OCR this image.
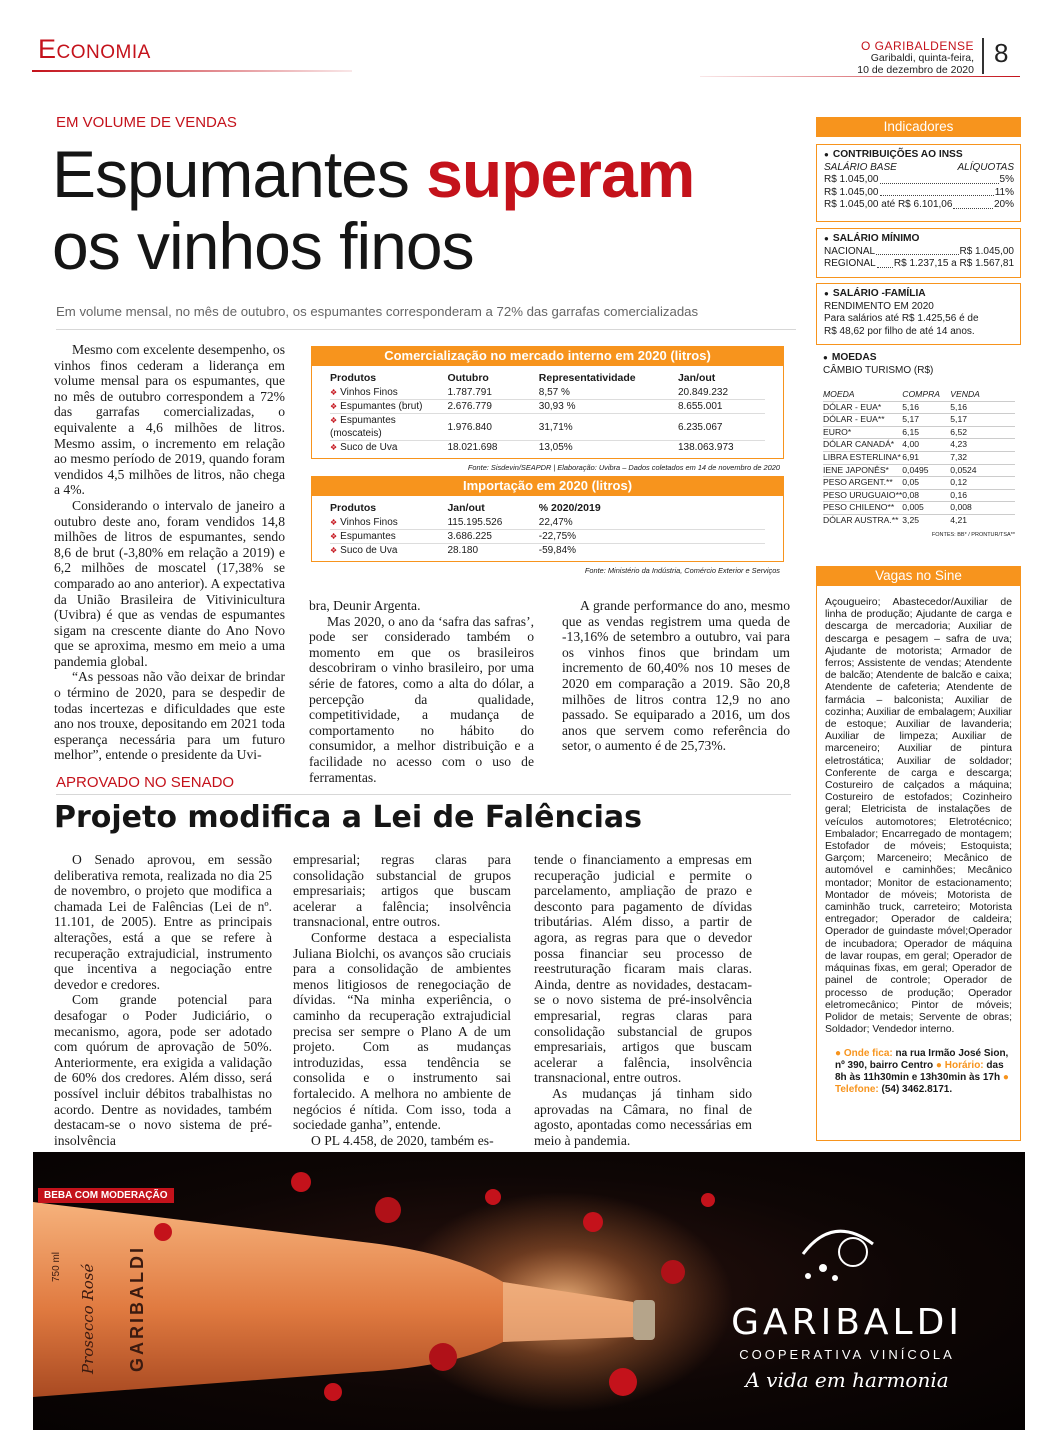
Economia	O GARIBALDENSE
Garibaldi, quinta-feira,
10 de dezembro de 2020
8
EM VOLUME DE VENDAS
Espumantes superam
os vinhos finos
Em volume mensal, no mês de outubro, os espumantes corresponderam a 72% das garrafas comercializadas

Mesmo com excelente desempenho, os vinhos finos cederam a liderança em volume mensal para os espumantes, que no mês de outubro correspondem a 72% das garrafas comercializadas, o equivalente a 4,6 milhões de litros. Mesmo assim, o incremento em relação ao mesmo período de 2019, quando foram vendidos 4,5 milhões de litros, não chega a 4%.

Considerando o intervalo de janeiro a outubro deste ano, foram vendidos 14,8 milhões de litros de espumantes, sendo 8,6 de brut (-3,80% em relação a 2019) e 6,2 milhões de moscatel (17,38% se comparado ao ano anterior). A expectativa da União Brasileira de Vitivinicultura (Uvibra) é que as vendas de espumantes sigam na crescente diante do Ano Novo que se aproxima, mesmo em meio a uma pandemia global.

“As pessoas não vão deixar de brindar o término de 2020, para se despedir de todas incertezas e dificuldades que este ano nos trouxe, depositando em 2021 toda esperança necessária para um futuro melhor”, entende o presidente da Uvi-

Comercialização no mercado interno em 2020 (litros)
Produtos	Outubro	Representatividade	Jan/out
❖ Vinhos Finos	1.787.791	8,57 %	20.849.232
❖ Espumantes (brut)	2.676.779	30,93 %	8.655.001
❖ Espumantes (moscateis)	1.976.840	31,71%	6.235.067
❖ Suco de Uva	18.021.698	13,05%	138.063.973
Fonte: Sisdevin/SEAPDR | Elaboração: Uvibra – Dados coletados em 14 de novembro de 2020
Importação em 2020 (litros)
Produtos	Jan/out	% 2020/2019
❖ Vinhos Finos	115.195.526	22,47%
❖ Espumantes	3.686.225	-22,75%
❖ Suco de Uva	28.180	-59,84%
Fonte: Ministério da Indústria, Comércio Exterior e Serviços

bra, Deunir Argenta.

Mas 2020, o ano da ‘safra das safras’, pode ser considerado também o momento em que os brasileiros descobriram o vinho brasileiro, por uma série de fatores, como a alta do dólar, a percepção da qualidade, competitividade, a mudança de comportamento no hábito do consumidor, a melhor distribuição e a facilidade no acesso com o uso de ferramentas.

A grande performance do ano, mesmo que as vendas registrem uma queda de -13,16% de setembro a outubro, vai para os vinhos finos que brindam um incremento de 60,40% nos 10 meses de 2020 em comparação a 2019. São 20,8 milhões de litros contra 12,9 no ano passado. Se equiparado a 2016, um dos anos que servem como referência do setor, o aumento é de 25,73%.

APROVADO NO SENADO
Projeto modifica a Lei de Falências

O Senado aprovou, em sessão deliberativa remota, realizada no dia 25 de novembro, o projeto que modifica a chamada Lei de Falências (Lei de nº. 11.101, de 2005). Entre as principais alterações, está a que se refere à recuperação extrajudicial, instrumento que incentiva a negociação entre devedor e credores.

Com grande potencial para desafogar o Poder Judiciário, o mecanismo, agora, pode ser adotado com quórum de aprovação de 50%. Anteriormente, era exigida a validação de 60% dos credores. Além disso, será possível incluir débitos trabalhistas no acordo. Dentre as novidades, também destacam-se o novo sistema de pré-insolvência

empresarial; regras claras para consolidação substancial de grupos empresariais; artigos que buscam acelerar a falência; insolvência transnacional, entre outros.

Conforme destaca a especialista Juliana Biolchi, os avanços são cruciais para a consolidação de ambientes menos litigiosos de renegociação de dívidas. “Na minha experiência, o caminho da recuperação extrajudicial precisa ser sempre o Plano A de um projeto. Com as mudanças introduzidas, essa tendência se consolida e o instrumento sai fortalecido. A melhora no ambiente de negócios é nítida. Com isso, toda a sociedade ganha”, entende.

O PL 4.458, de 2020, também es-

tende o financiamento a empresas em recuperação judicial e permite o parcelamento, ampliação de prazo e desconto para pagamento de dívidas tributárias. Além disso, a partir de agora, as regras para que o devedor possa financiar seu processo de reestruturação ficaram mais claras. Ainda, dentre as novidades, destacam-se o novo sistema de pré-insolvência empresarial, regras claras para consolidação substancial de grupos empresariais, artigos que buscam acelerar a falência, insolvência transnacional, entre outros.

As mudanças já tinham sido aprovadas na Câmara, no final de agosto, apontadas como necessárias em meio à pandemia.

Indicadores
● CONTRIBUIÇÕES AO INSS
SALÁRIO BASE	ALÍQUOTAS
R$ 1.045,00	5%
R$ 1.045,00	11%
R$ 1.045,00 até R$ 6.101,06	20%
● SALÁRIO MÍNIMO
NACIONAL	R$ 1.045,00
REGIONAL R$ 1.237,15 a R$ 1.567,81
● SALÁRIO -FAMÍLIA
RENDIMENTO EM 2020
Para salários até R$ 1.425,56 é de
R$ 48,62 por filho de até 14 anos.
● MOEDAS
CÂMBIO TURISMO (R$)
MOEDA	COMPRA	VENDA
DÓLAR - EUA*	5,16	5,16
DÓLAR - EUA**	5,17	5,17
EURO*	6,15	6,52
DÓLAR CANADÁ*	4,00	4,23
LIBRA ESTERLINA*	6,91	7,32
IENE JAPONÊS*	0,0495	0,0524
PESO ARGENT.**	0,05	0,12
PESO URUGUAIO**	0,08	0,16
PESO CHILENO**	0,005	0,008
DÓLAR AUSTRA.**	3,25	4,21
FONTES: BB* / PRONTUR/TSA**
Vagas no Sine
Açougueiro; Abastecedor/Auxiliar de linha de produção; Ajudante de carga e descarga de mercadoria; Auxiliar de descarga e pesagem – safra de uva; Ajudante de motorista; Armador de ferros; Assistente de vendas; Atendente de balcão; Atendente de balcão e caixa; Atendente de cafeteria; Atendente de farmácia – balconista; Auxiliar de cozinha; Auxiliar de embalagem; Auxiliar de estoque; Auxiliar de lavanderia; Auxiliar de limpeza; Auxiliar de marceneiro; Auxiliar de pintura eletrostática; Auxiliar de soldador; Conferente de carga e descarga; Costureiro de calçados a máquina; Costureiro de estofados; Cozinheiro geral; Eletricista de instalações de veículos automotores; Eletrotécnico; Embalador; Encarregado de montagem; Estofador de móveis; Estoquista; Garçom; Marceneiro; Mecânico de automóvel e caminhões; Mecânico montador; Monitor de estacionamento; Montador de móveis; Motorista de caminhão truck, carreteiro; Motorista entregador; Operador de caldeira; Operador de guindaste móvel;Operador de incubadora; Operador de máquina de lavar roupas, em geral; Operador de máquinas fixas, em geral; Operador de painel de controle; Operador de processo de produção; Operador eletromecânico; Pintor de móveis; Polidor de metais; Servente de obras; Soldador; Vendedor interno.
● Onde fica: na rua Irmão José Sion, nº 390, bairro Centro ● Horário: das 8h às 11h30min e 13h30min às 17h ● Telefone: (54) 3462.8171.
GARIBALDI
Prosecco Rosé
750 ml
BEBA COM MODERAÇÃO
GARIBALDI
COOPERATIVA VINÍCOLA
A vida em harmonia
